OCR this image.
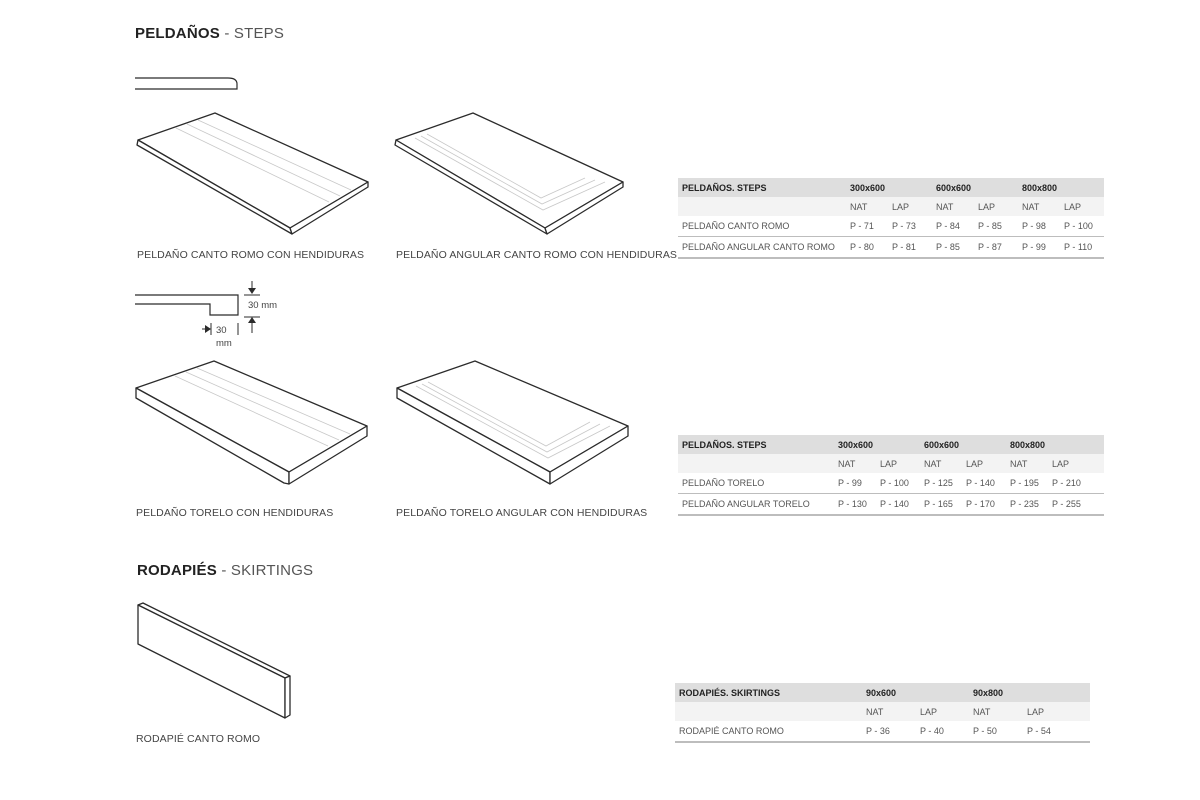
PELDAÑOS - STEPS
PELDAÑO CANTO ROMO CON HENDIDURAS	PELDAÑO ANGULAR CANTO ROMO CON HENDIDURAS
30 mm
30
mm
PELDAÑO TORELO CON HENDIDURAS	PELDAÑO TORELO ANGULAR CON HENDIDURAS
RODAPIÉS - SKIRTINGS
RODAPIÉ CANTO ROMO
PELDAÑOS. STEPS	300x600		600x600		800x800	
	NAT	LAP	NAT	LAP	NAT	LAP
PELDAÑO CANTO ROMO	P - 71	P - 73	P - 84	P - 85	P - 98	P - 100
PELDAÑO ANGULAR CANTO ROMO	P - 80	P - 81	P - 85	P - 87	P - 99	P - 110
PELDAÑOS. STEPS	300x600		600x600		800x800	
	NAT	LAP	NAT	LAP	NAT	LAP
PELDAÑO TORELO	P - 99	P - 100	P - 125	P - 140	P - 195	P - 210
PELDAÑO ANGULAR TORELO	P - 130	P - 140	P - 165	P - 170	P - 235	P - 255
RODAPIÉS. SKIRTINGS	90x600		90x800	
	NAT	LAP	NAT	LAP
RODAPIÉ CANTO ROMO	P - 36	P - 40	P - 50	P - 54
